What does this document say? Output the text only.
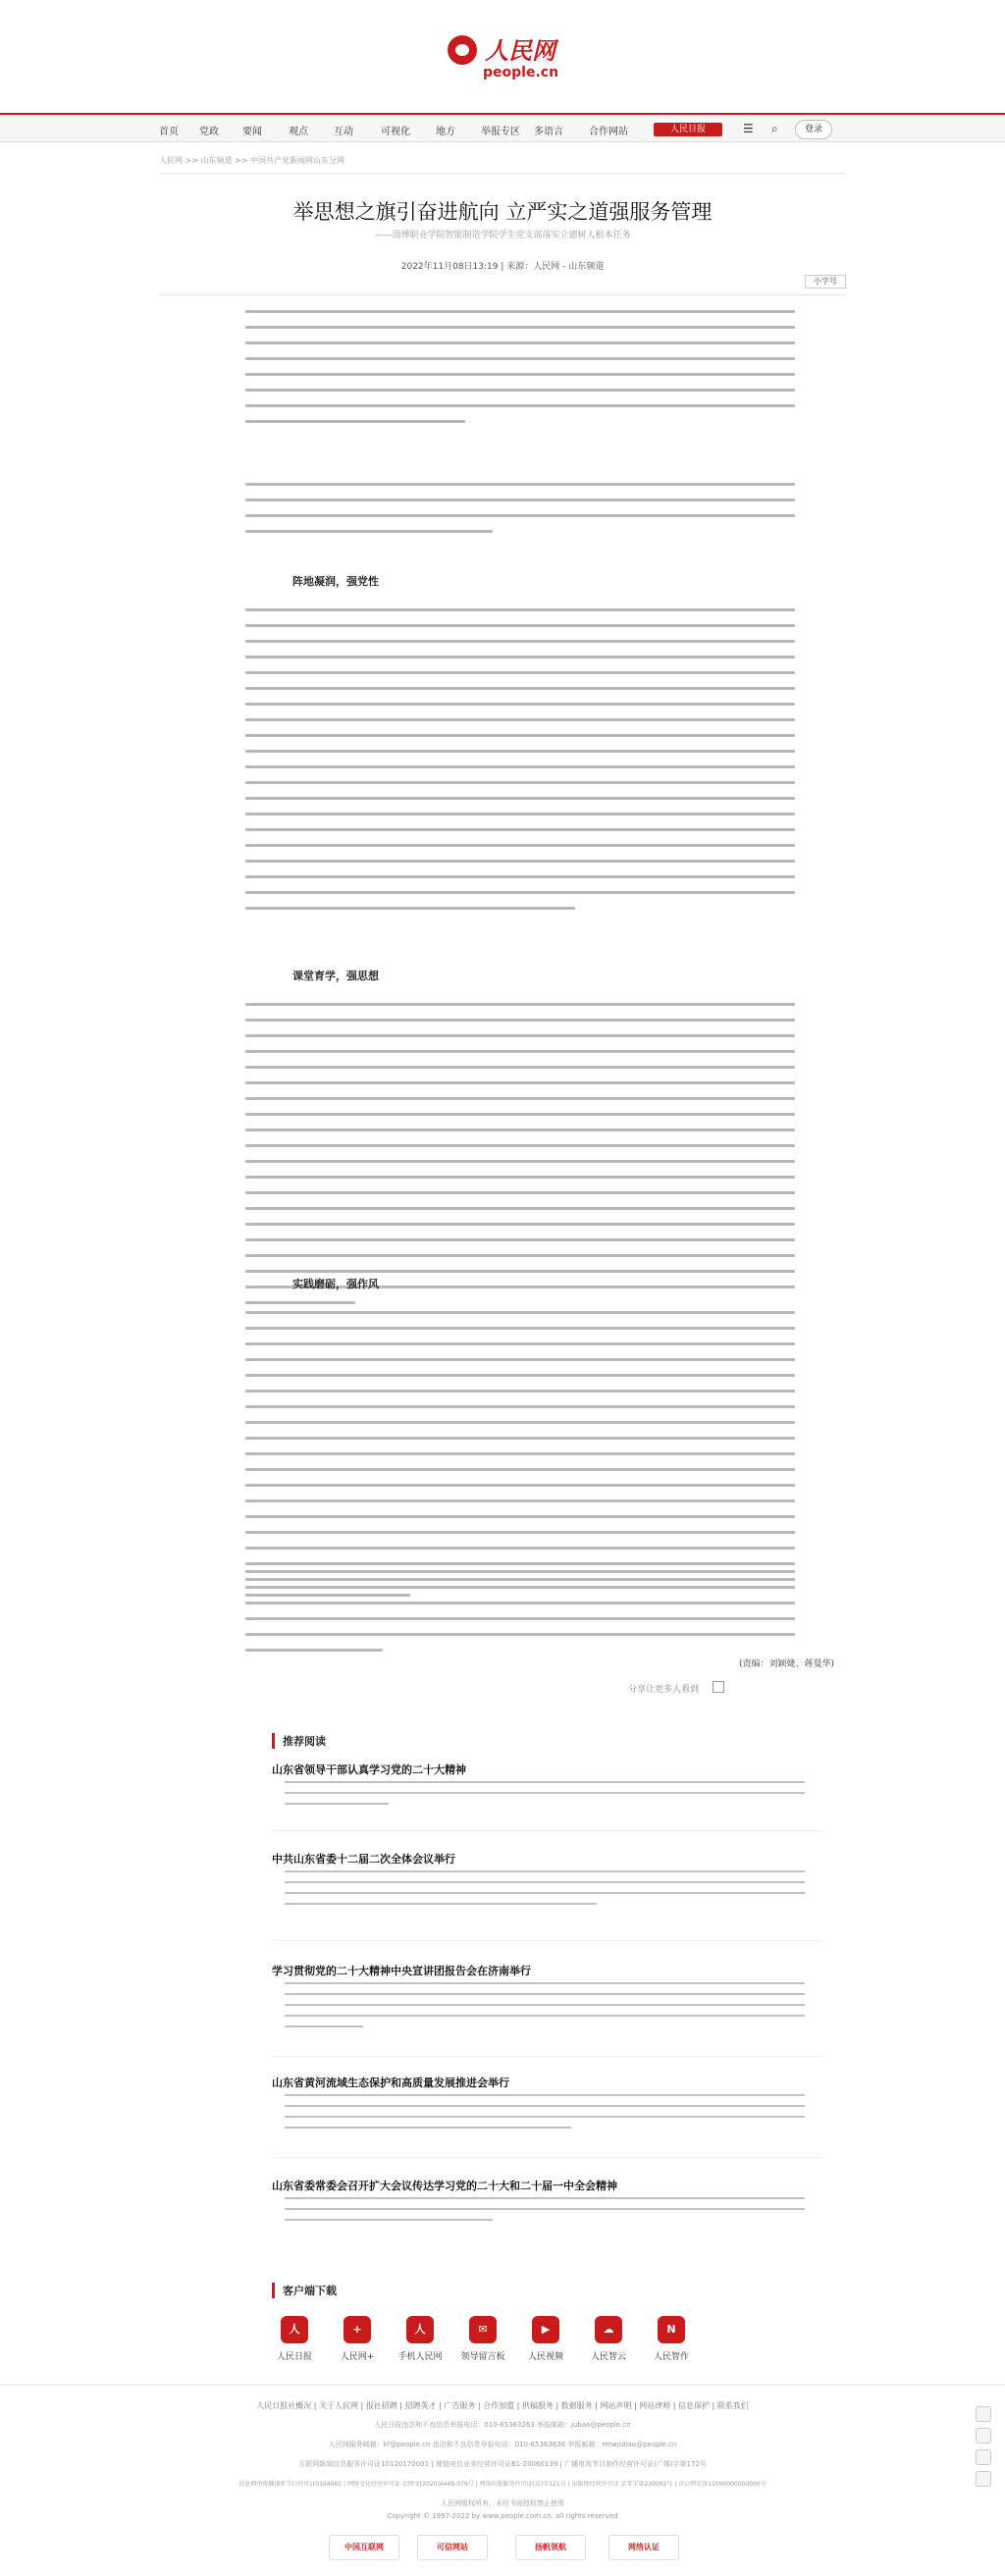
人民网
people.cn
首页 党政 要闻	观点	互动	可视化	地方	举报专区 多语言	合作网站	人民日报	☰ ⌕	登录
人民网 >> 山东频道 >> 中国共产党新闻网山东分网
举思想之旗引奋进航向 立严实之道强服务管理
——淄博职业学院智能制造学院学生党支部落实立德树人根本任务
2022年11月08日13:19 | 来源：人民网 - 山东频道
小字号
阵地凝润，强党性
课堂育学，强思想
实践磨砺，强作风
(责编：刘颖婕、蒋曼华)
分享让更多人看到
推荐阅读
山东省领导干部认真学习党的二十大精神
中共山东省委十二届二次全体会议举行
学习贯彻党的二十大精神中央宣讲团报告会在济南举行
山东省黄河流域生态保护和高质量发展推进会举行
山东省委常委会召开扩大会议传达学习党的二十大和二十届一中全会精神
客户端下载
人
人民日报
+
人民网+
人
手机人民网
✉
领导留言板
▶
人民视频
☁
人民智云
N
人民智作
人民日报社概况 | 关于人民网 | 报社招聘 | 招聘英才 | 广告服务 | 合作加盟 | 供稿服务 | 数据服务 | 网站声明 | 网站律师 | 信息保护 | 联系我们
人民日报违法和不良信息举报电话：010-65363263 举报邮箱：jubao@people.cn
人民网服务邮箱：kf@people.cn 违法和不良信息举报电话：010-65363636 举报邮箱：rmwjubao@people.cn
互联网新闻信息服务许可证10120170001 | 增值电信业务经营许可证B1-20060139 | 广播电视节目制作经营许可证(广媒)字第172号
信息网络传播视听节目许可证0104065 | 网络文化经营许可证 京网文[2020]4449-079号 | 网络出版服务许可证(京)字121号 | 出版物经营许可证 京零字第220002号 | 京公网安备11000000000000号
人民网版权所有，未经书面授权禁止使用
Copyright © 1997-2022 by www.people.com.cn. all rights reserved
中国互联网	可信网站	扬帆领航	网络认证
